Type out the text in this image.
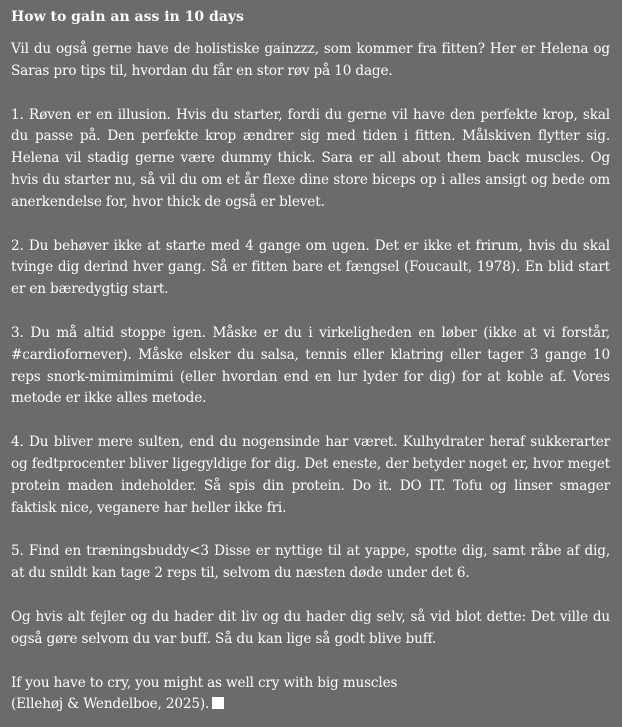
How to gain an ass in 10 days

Vil du også gerne have de holistiske gainzzz, som kommer fra fitten? Her er Helena og Saras pro tips til, hvordan du får en stor røv på 10 dage.

1. Røven er en illusion. Hvis du starter, fordi du gerne vil have den perfekte krop, skal du passe på. Den perfekte krop ændrer sig med tiden i fitten. Målskiven flytter sig. Helena vil stadig gerne være dummy thick. Sara er all about them back muscles. Og hvis du starter nu, så vil du om et år flexe dine store biceps op i alles ansigt og bede om anerkendelse for, hvor thick de også er blevet.

2. Du behøver ikke at starte med 4 gange om ugen. Det er ikke et frirum, hvis du skal tvinge dig derind hver gang. Så er fitten bare et fængsel (Foucault, 1978). En blid start er en bæredygtig start.

3. Du må altid stoppe igen. Måske er du i virkeligheden en løber (ikke at vi forstår, #cardiofornever). Måske elsker du salsa, tennis eller klatring eller tager 3 gange 10 reps snork-mimimimimi (eller hvordan end en lur lyder for dig) for at koble af. Vores metode er ikke alles metode.

4. Du bliver mere sulten, end du nogensinde har været. Kulhydrater heraf sukkerarter og fedtprocenter bliver ligegyldige for dig. Det eneste, der betyder noget er, hvor meget protein maden indeholder. Så spis din protein. Do it. DO IT. Tofu og linser smager faktisk nice, veganere har heller ikke fri.

5. Find en træningsbuddy<3 Disse er nyttige til at yappe, spotte dig, samt råbe af dig, at du snildt kan tage 2 reps til, selvom du næsten døde under det 6.

Og hvis alt fejler og du hader dit liv og du hader dig selv, så vid blot dette: Det ville du også gøre selvom du var buff. Så du kan lige så godt blive buff.

If you have to cry, you might as well cry with big muscles
(Ellehøj & Wendelboe, 2025).
